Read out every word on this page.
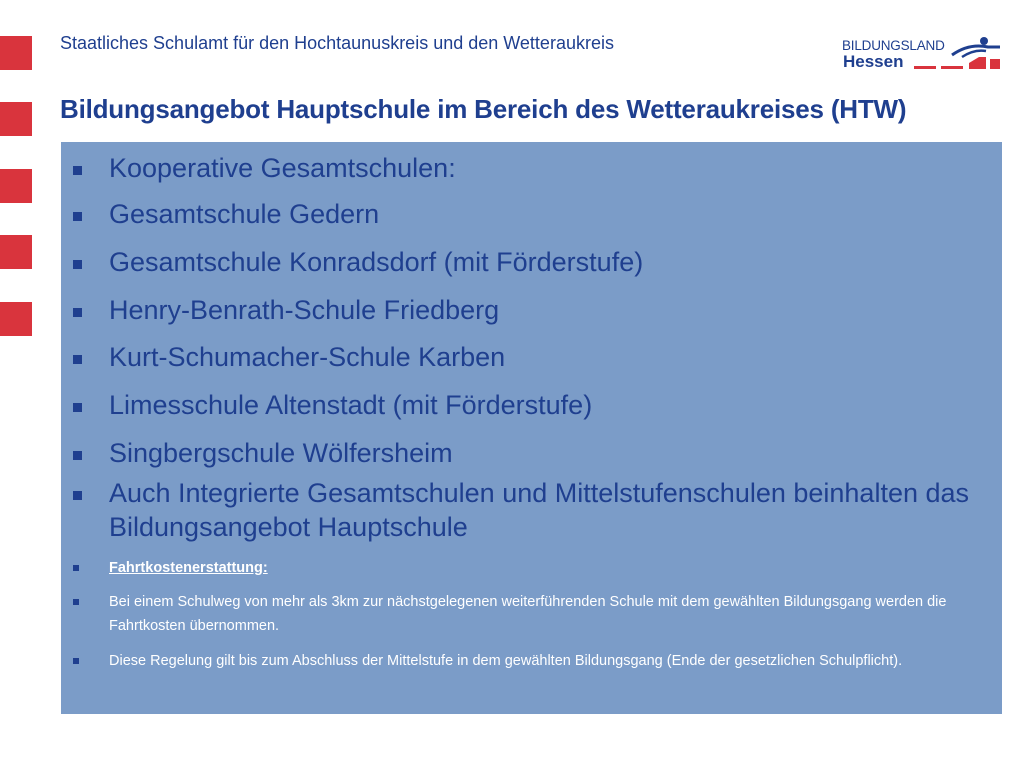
Staatliches Schulamt für den Hochtaunuskreis und den Wetteraukreis	BILDUNGSLAND
Hessen
Bildungsangebot Hauptschule im Bereich des Wetteraukreises (HTW)
Kooperative Gesamtschulen:
Gesamtschule Gedern
Gesamtschule Konradsdorf (mit Förderstufe)
Henry-Benrath-Schule Friedberg
Kurt-Schumacher-Schule Karben
Limesschule Altenstadt (mit Förderstufe)
Singbergschule Wölfersheim
Auch Integrierte Gesamtschulen und Mittelstufenschulen beinhalten das Bildungsangebot Hauptschule
Fahrtkostenerstattung:
Bei einem Schulweg von mehr als 3km zur nächstgelegenen weiterführenden Schule mit dem gewählten Bildungsgang werden die Fahrtkosten übernommen.
Diese Regelung gilt bis zum Abschluss der Mittelstufe in dem gewählten Bildungsgang (Ende der gesetzlichen Schulpflicht).
